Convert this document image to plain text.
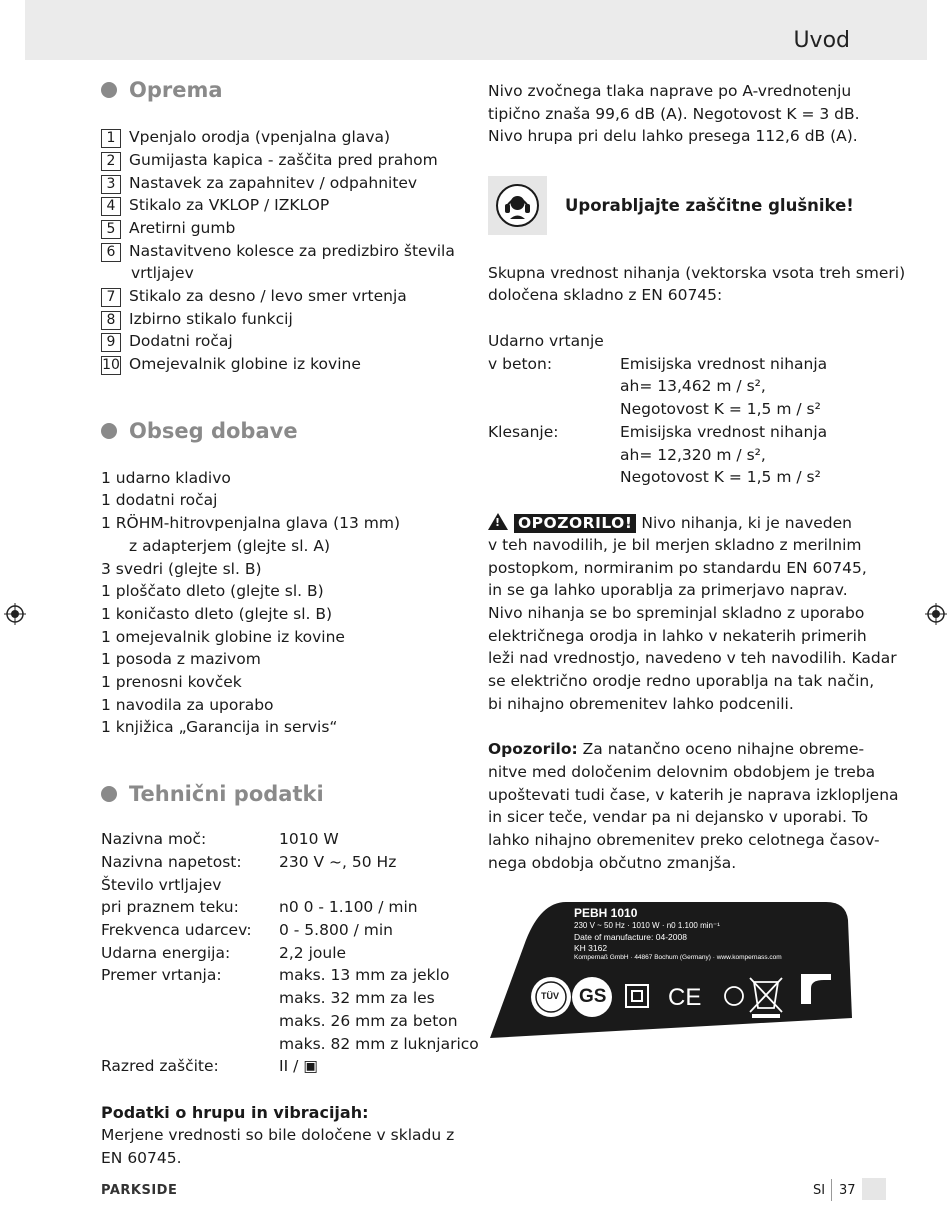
Uvod
Oprema
1 Vpenjalo orodja (vpenjalna glava)
2 Gumijasta kapica - zaščita pred prahom
3 Nastavek za zapahnitev / odpahnitev
4 Stikalo za VKLOP / IZKLOP
5 Aretirni gumb
6 Nastavitveno kolesce za predizbiro števila
vrtljajev
7 Stikalo za desno / levo smer vrtenja
8 Izbirno stikalo funkcij
9 Dodatni ročaj
10 Omejevalnik globine iz kovine
Obseg dobave
1 udarno kladivo
1 dodatni ročaj
1 RÖHM-hitrovpenjalna glava (13 mm)
z adapterjem (glejte sl. A)
3 svedri (glejte sl. B)
1 ploščato dleto (glejte sl. B)
1 koničasto dleto (glejte sl. B)
1 omejevalnik globine iz kovine
1 posoda z mazivom
1 prenosni kovček
1 navodila za uporabo
1 knjižica „Garancija in servis“
Tehnični podatki
Nazivna moč:	1010 W
Nazivna napetost: 230 V ~, 50 Hz
Število vrtljajev
pri praznem teku:	n0 0 - 1.100 / min
Frekvenca udarcev: 0 - 5.800 / min
Udarna energija:	2,2 joule
Premer vrtanja:	maks. 13 mm za jeklo
maks. 32 mm za les
maks. 26 mm za beton
maks. 82 mm z luknjarico
Razred zaščite:	II / ▣
Podatki o hrupu in vibracijah:
Merjene vrednosti so bile določene v skladu z
EN 60745.
Nivo zvočnega tlaka naprave po A-vrednotenju
tipično znaša 99,6 dB (A). Negotovost K = 3 dB.
Nivo hrupa pri delu lahko presega 112,6 dB (A).
Uporabljajte zaščitne glušnike!
Skupna vrednost nihanja (vektorska vsota treh smeri)
določena skladno z EN 60745:
Udarno vrtanje
v beton:	Emisijska vrednost nihanja
ah= 13,462 m / s²,
Negotovost K = 1,5 m / s²
Klesanje:	Emisijska vrednost nihanja
ah= 12,320 m / s²,
Negotovost K = 1,5 m / s²
! OPOZORILO! Nivo nihanja, ki je naveden
v teh navodilih, je bil merjen skladno z merilnim
postopkom, normiranim po standardu EN 60745,
in se ga lahko uporablja za primerjavo naprav.
Nivo nihanja se bo spreminjal skladno z uporabo
električnega orodja in lahko v nekaterih primerih
leži nad vrednostjo, navedeno v teh navodilih. Kadar
se električno orodje redno uporablja na tak način,
bi nihajno obremenitev lahko podcenili.
Opozorilo: Za natančno oceno nihajne obreme-
nitve med določenim delovnim obdobjem je treba
upoštevati tudi čase, v katerih je naprava izklopljena
in sicer teče, vendar pa ni dejansko v uporabi. To
lahko nihajno obremenitev preko celotnega časov-
nega obdobja občutno zmanjša.
PEBH 1010
230 V ~ 50 Hz · 1010 W · n0 1.100 min⁻¹
Date of manufacture: 04-2008
KH 3162
Kompernaß GmbH · 44867 Bochum (Germany) · www.kompernass.com
TÜV GS	CE
PARKSIDE	SI 37
